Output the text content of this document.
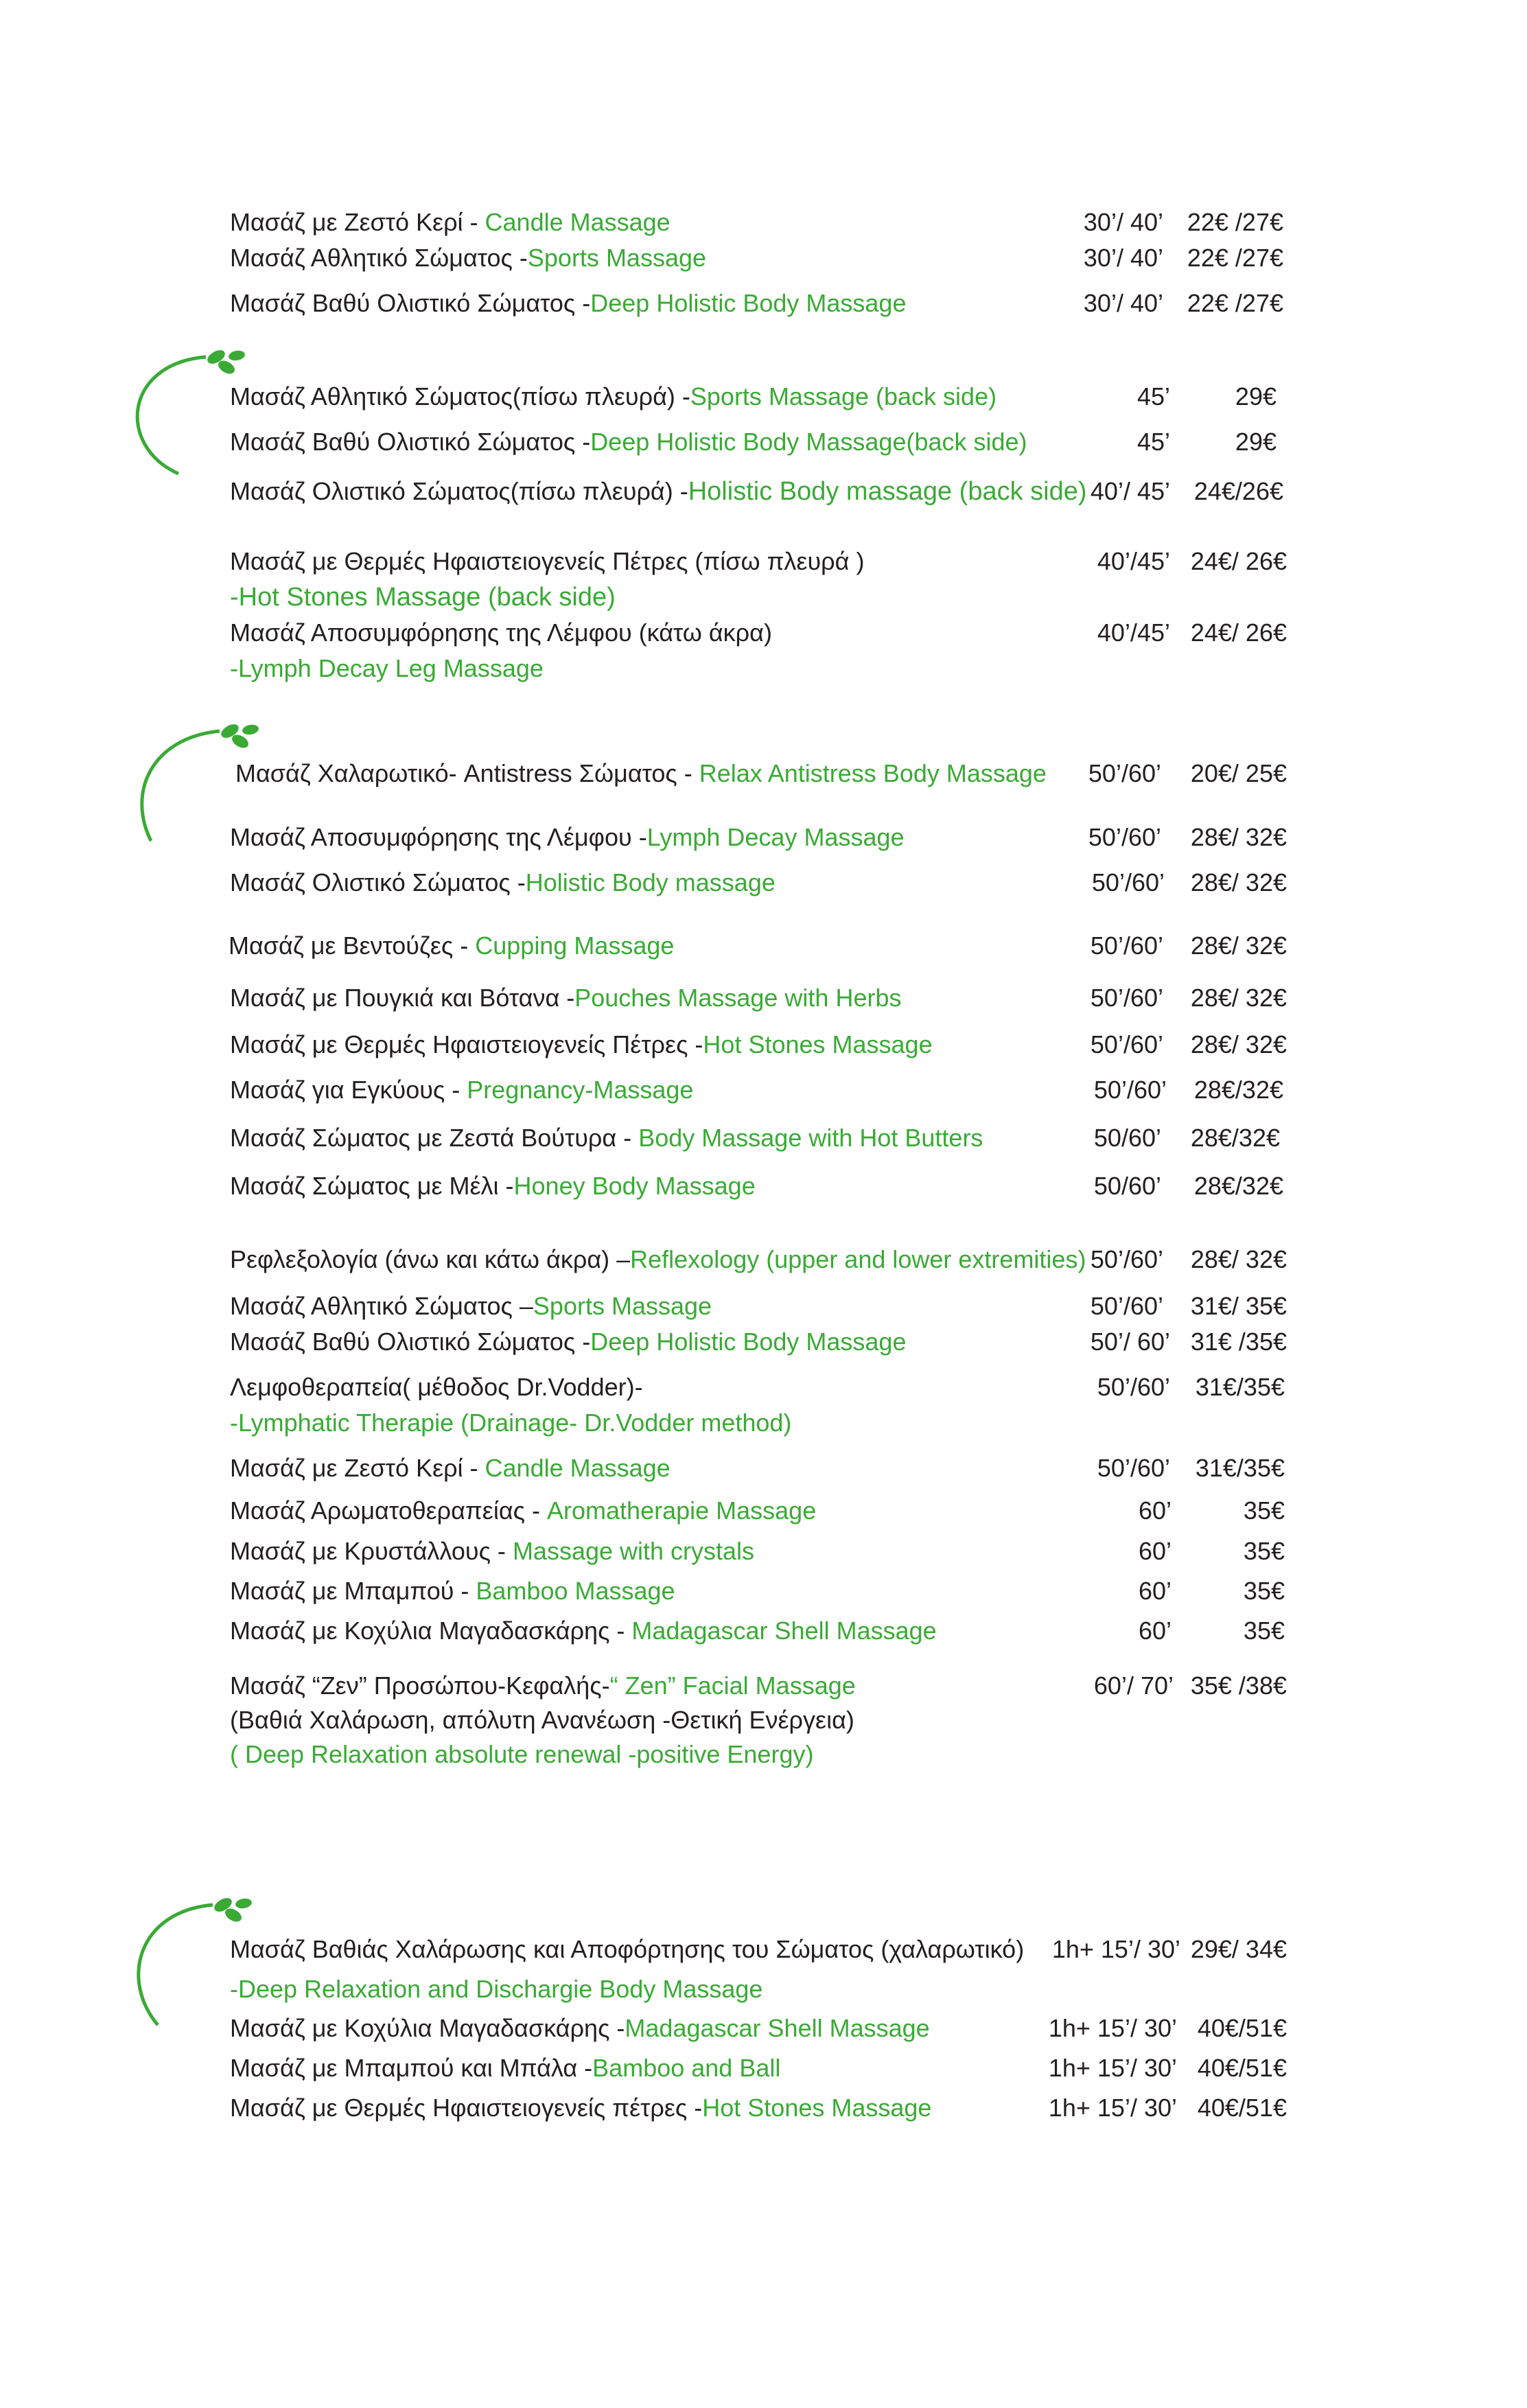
Μασάζ με Ζεστό Κερί - Candle Massage	30’/ 40’ 22€ /27€
Μασάζ Αθλητικό Σώματος -Sports Massage	30’/ 40’ 22€ /27€
Μασάζ Βαθύ Ολιστικό Σώματος -Deep Holistic Body Massage	30’/ 40’ 22€ /27€
Μασάζ Αθλητικό Σώματος(πίσω πλευρά) -Sports Massage (back side)	45’	29€
Μασάζ Βαθύ Ολιστικό Σώματος -Deep Holistic Body Massage(back side)	45’	29€
Μασάζ Ολιστικό Σώματος(πίσω πλευρά) -Holistic Body massage (back side) 40’/ 45’ 24€/26€
Μασάζ με Θερμές Ηφαιστειογενείς Πέτρες (πίσω πλευρά )
-Hot Stones Massage (back side)
40’/45’ 24€/ 26€
Μασάζ Αποσυμφόρησης της Λέμφου (κάτω άκρα)
-Lymph Decay Leg Massage
40’/45’ 24€/ 26€
Μασάζ Χαλαρωτικό- Antistress Σώματος - Relax Antistress Body Massage	50’/60’	20€/ 25€
Μασάζ Αποσυμφόρησης της Λέμφου -Lymph Decay Massage	50’/60’	28€/ 32€
Μασάζ Ολιστικό Σώματος -Holistic Body massage	50’/60’	28€/ 32€
Μασάζ με Βεντούζες - Cupping Massage	50’/60’	28€/ 32€
Μασάζ με Πουγκιά και Βότανα -Pouches Massage with Herbs	50’/60’	28€/ 32€
Μασάζ με Θερμές Ηφαιστειογενείς Πέτρες -Hot Stones Massage	50’/60’	28€/ 32€
Μασάζ για Εγκύους - Pregnancy-Massage	50’/60’	28€/32€
Μασάζ Σώματος με Ζεστά Βούτυρα - Body Massage with Hot Butters	50/60’	28€/32€
Μασάζ Σώματος με Μέλι -Honey Body Massage	50/60’	28€/32€
Ρεφλεξολογία (άνω και κάτω άκρα) –Reflexology (upper and lower extremities) 50’/60’	28€/ 32€
Μασάζ Αθλητικό Σώματος –Sports Massage	50’/60’	31€/ 35€
Μασάζ Βαθύ Ολιστικό Σώματος -Deep Holistic Body Massage	50’/ 60’ 31€ /35€
Λεμφοθεραπεία( μέθοδος Dr.Vodder)-
-Lymphatic Therapie (Drainage- Dr.Vodder method)
50’/60’	31€/35€
Μασάζ με Ζεστό Κερί - Candle Massage	50’/60’	31€/35€
Μασάζ Αρωματοθεραπείας - Aromatherapie Massage	60’	35€
Μασάζ με Κρυστάλλους - Massage with crystals	60’	35€
Μασάζ με Μπαμπού - Bamboo Massage	60’	35€
Μασάζ με Κοχύλια Μαγαδασκάρης - Madagascar Shell Massage	60’	35€
Μασάζ “Ζεν” Προσώπου-Κεφαλής-“ Zen” Facial Massage
(Βαθιά Χαλάρωση, απόλυτη Ανανέωση -Θετική Ενέργεια)
( Deep Relaxation absolute renewal -positive Energy)
60’/ 70’ 35€ /38€
Μασάζ Βαθιάς Χαλάρωσης και Αποφόρτησης του Σώματος (χαλαρωτικό)
-Deep Relaxation and Dischargie Body Massage
1h+ 15’/ 30’ 29€/ 34€
Μασάζ με Κοχύλια Μαγαδασκάρης -Madagascar Shell Massage	1h+ 15’/ 30’ 40€/51€
Μασάζ με Μπαμπού και Μπάλα -Bamboo and Ball	1h+ 15’/ 30’ 40€/51€
Μασάζ με Θερμές Ηφαιστειογενείς πέτρες -Hot Stones Massage	1h+ 15’/ 30’ 40€/51€
